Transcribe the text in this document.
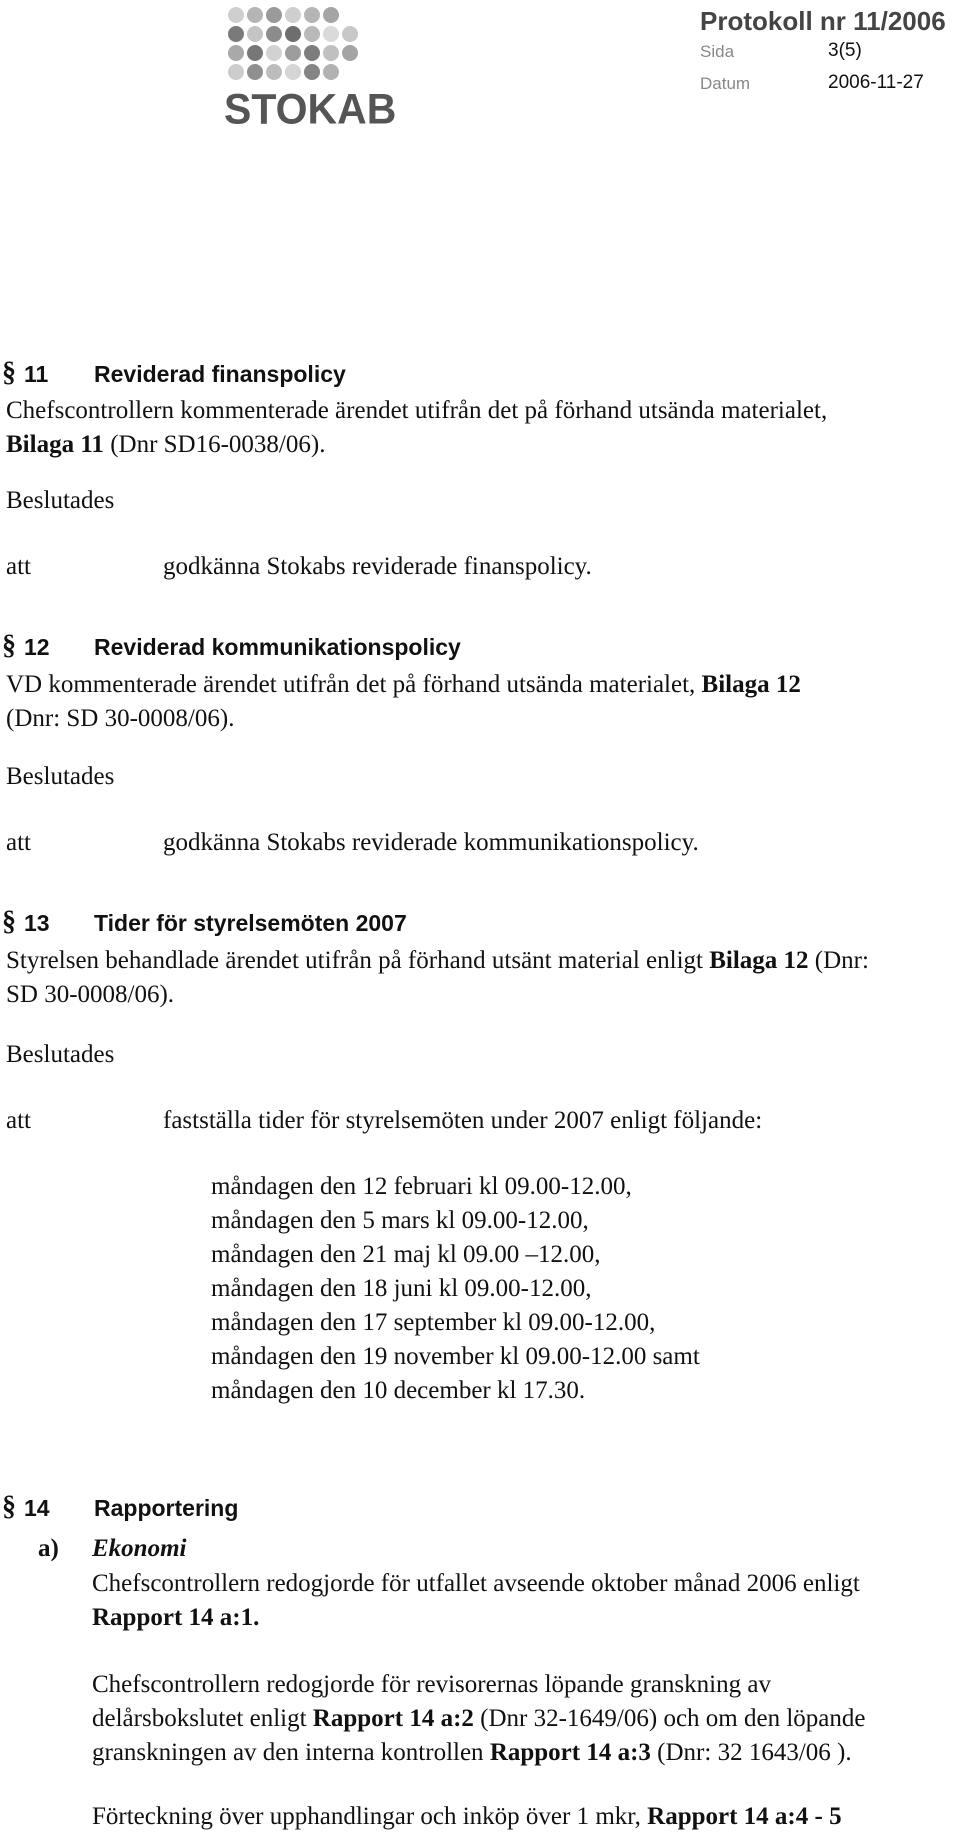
STOKAB
Protokoll nr 11/2006
Sida	3(5)
Datum	2006-11-27
§ 11 Reviderad finanspolicy
Chefscontrollern kommenterade ärendet utifrån det på förhand utsända materialet,
Bilaga 11 (Dnr SD16-0038/06).
Beslutades
att	godkänna Stokabs reviderade finanspolicy.
§ 12 Reviderad kommunikationspolicy
VD kommenterade ärendet utifrån det på förhand utsända materialet, Bilaga 12
(Dnr: SD 30-0008/06).
Beslutades
att	godkänna Stokabs reviderade kommunikationspolicy.
§ 13 Tider för styrelsemöten 2007
Styrelsen behandlade ärendet utifrån på förhand utsänt material enligt Bilaga 12 (Dnr:
SD 30-0008/06).
Beslutades
att	fastställa tider för styrelsemöten under 2007 enligt följande:
måndagen den 12 februari kl 09.00-12.00,
måndagen den 5 mars kl 09.00-12.00,
måndagen den 21 maj kl 09.00 –12.00,
måndagen den 18 juni kl 09.00-12.00,
måndagen den 17 september kl 09.00-12.00,
måndagen den 19 november kl 09.00-12.00 samt
måndagen den 10 december kl 17.30.
§ 14 Rapportering
a) Ekonomi
Chefscontrollern redogjorde för utfallet avseende oktober månad 2006 enligt
Rapport 14 a:1.
Chefscontrollern redogjorde för revisorernas löpande granskning av
delårsbokslutet enligt Rapport 14 a:2 (Dnr 32-1649/06) och om den löpande
granskningen av den interna kontrollen Rapport 14 a:3 (Dnr: 32 1643/06 ).
Förteckning över upphandlingar och inköp över 1 mkr, Rapport 14 a:4 - 5
